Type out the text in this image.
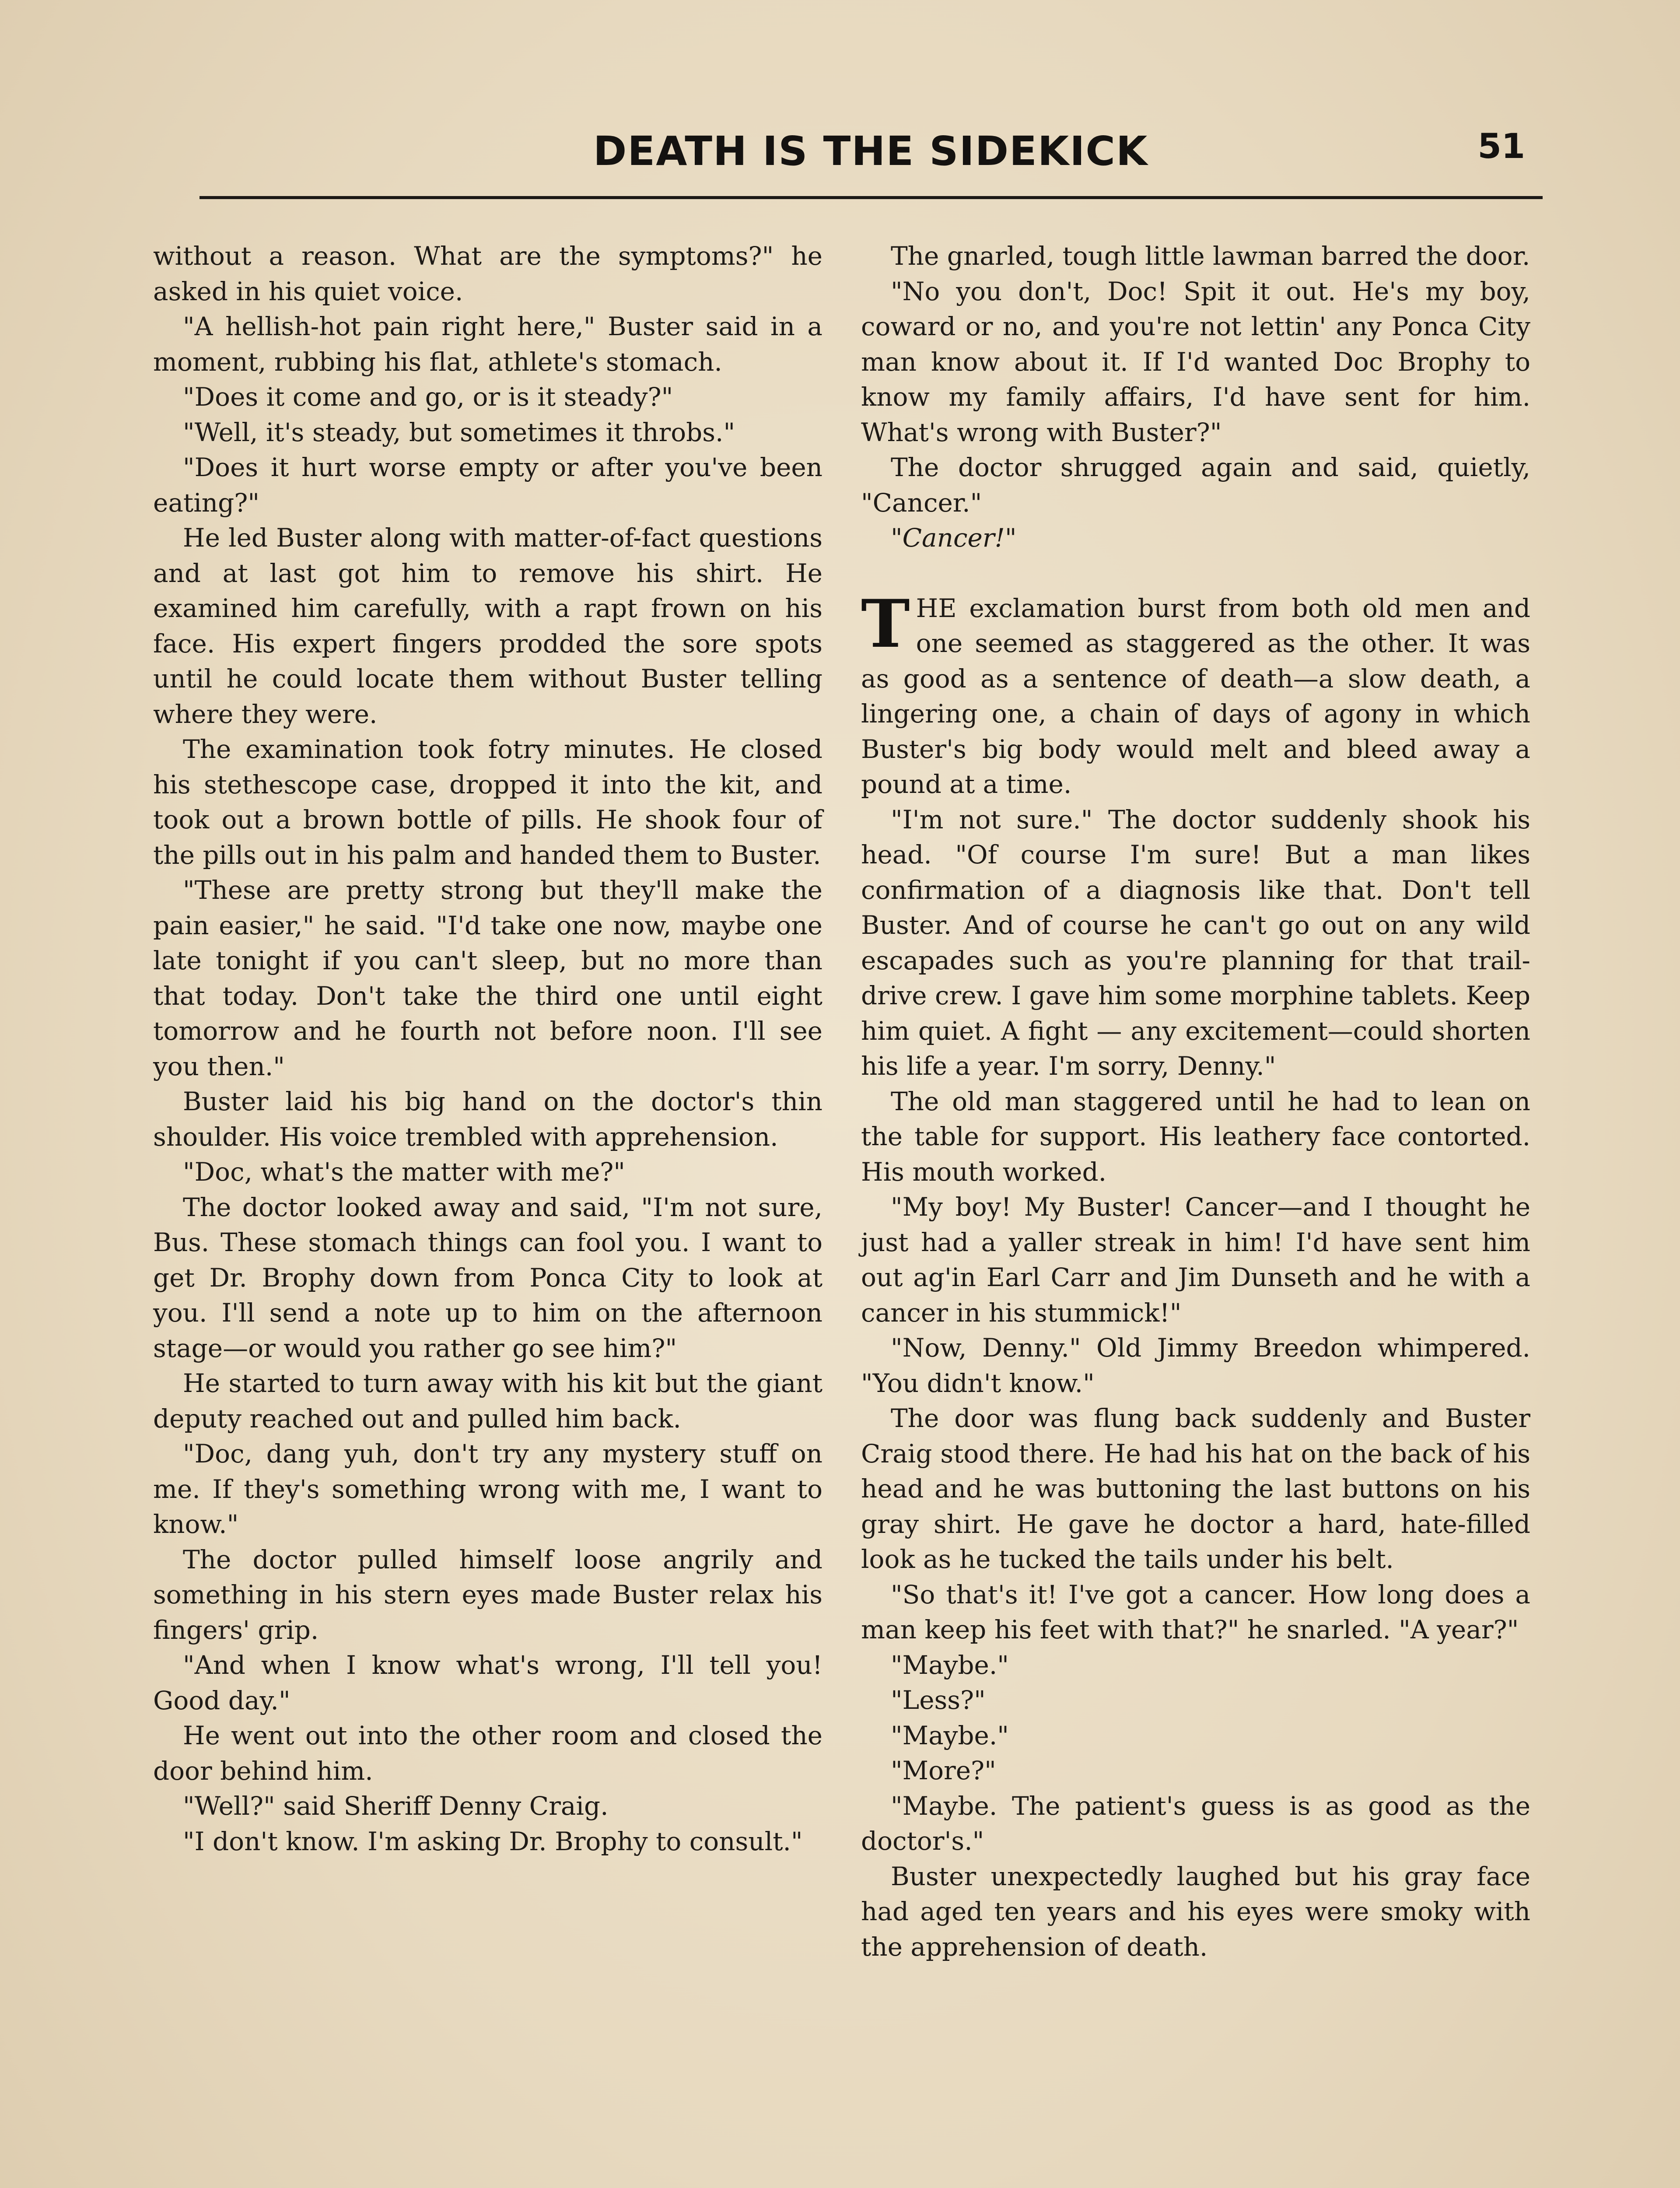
DEATH IS THE SIDEKICK	51

without a reason. What are the symptoms?" he asked in his quiet voice.

"A hellish-hot pain right here," Buster said in a moment, rubbing his flat, athlete's stomach.

"Does it come and go, or is it steady?"

"Well, it's steady, but sometimes it throbs."

"Does it hurt worse empty or after you've been eating?"

He led Buster along with matter-of-fact questions and at last got him to remove his shirt. He examined him carefully, with a rapt frown on his face. His expert fingers prodded the sore spots until he could locate them without Buster telling where they were.

The examination took fotry minutes. He closed his stethescope case, dropped it into the kit, and took out a brown bottle of pills. He shook four of the pills out in his palm and handed them to Buster.

"These are pretty strong but they'll make the pain easier," he said. "I'd take one now, maybe one late tonight if you can't sleep, but no more than that today. Don't take the third one until eight tomorrow and he fourth not before noon. I'll see you then."

Buster laid his big hand on the doctor's thin shoulder. His voice trembled with apprehension.

"Doc, what's the matter with me?"

The doctor looked away and said, "I'm not sure, Bus. These stomach things can fool you. I want to get Dr. Brophy down from Ponca City to look at you. I'll send a note up to him on the afternoon stage—or would you rather go see him?"

He started to turn away with his kit but the giant deputy reached out and pulled him back.

"Doc, dang yuh, don't try any mystery stuff on me. If they's something wrong with me, I want to know."

The doctor pulled himself loose angrily and something in his stern eyes made Buster relax his fingers' grip.

"And when I know what's wrong, I'll tell you! Good day."

He went out into the other room and closed the door behind him.

"Well?" said Sheriff Denny Craig.

"I don't know. I'm asking Dr. Brophy to consult."

The gnarled, tough little lawman barred the door.

"No you don't, Doc! Spit it out. He's my boy, coward or no, and you're not lettin' any Ponca City man know about it. If I'd wanted Doc Brophy to know my family affairs, I'd have sent for him. What's wrong with Buster?"

The doctor shrugged again and said, quietly, "Cancer."

"Cancer!"

THE exclamation burst from both old men and one seemed as staggered as the other. It was as good as a sentence of death—a slow death, a lingering one, a chain of days of agony in which Buster's big body would melt and bleed away a pound at a time.

"I'm not sure." The doctor suddenly shook his head. "Of course I'm sure! But a man likes confirmation of a diagnosis like that. Don't tell Buster. And of course he can't go out on any wild escapades such as you're planning for that trail-drive crew. I gave him some morphine tablets. Keep him quiet. A fight — any excitement—could shorten his life a year. I'm sorry, Denny."

The old man staggered until he had to lean on the table for support. His leathery face contorted. His mouth worked.

"My boy! My Buster! Cancer—and I thought he just had a yaller streak in him! I'd have sent him out ag'in Earl Carr and Jim Dunseth and he with a cancer in his stummick!"

"Now, Denny." Old Jimmy Breedon whimpered. "You didn't know."

The door was flung back suddenly and Buster Craig stood there. He had his hat on the back of his head and he was buttoning the last buttons on his gray shirt. He gave he doctor a hard, hate-filled look as he tucked the tails under his belt.

"So that's it! I've got a cancer. How long does a man keep his feet with that?" he snarled. "A year?"

"Maybe."

"Less?"

"Maybe."

"More?"

"Maybe. The patient's guess is as good as the doctor's."

Buster unexpectedly laughed but his gray face had aged ten years and his eyes were smoky with the apprehension of death.
